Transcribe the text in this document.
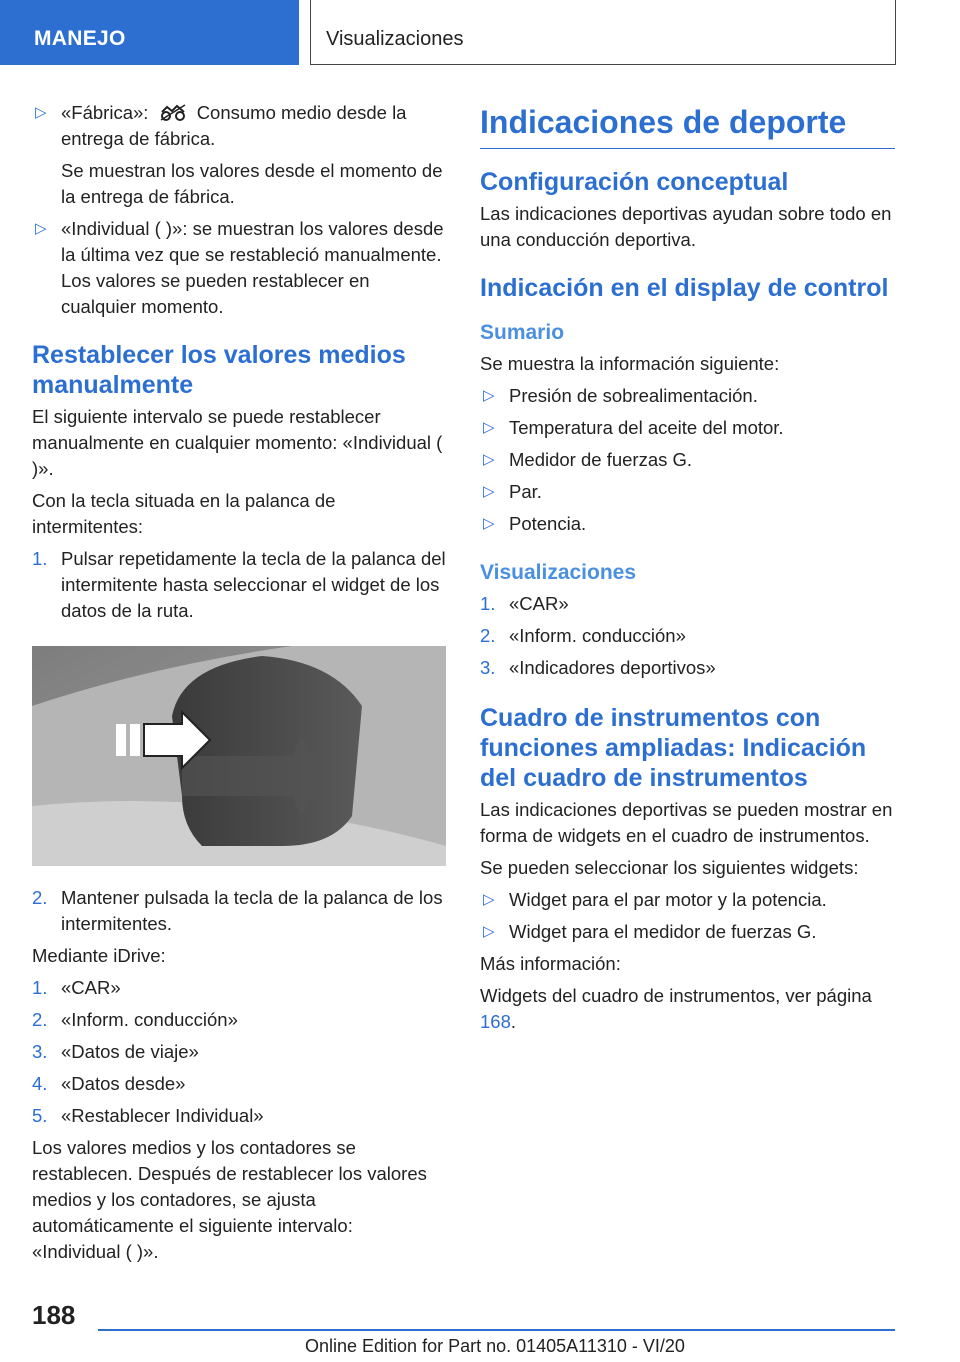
MANEJO	Visualizaciones
▷ «Fábrica»:	Consumo medio desde la entrega de fábrica.

Se muestran los valores desde el momento de la entrega de fábrica.

▷ «Individual ( )»: se muestran los valores desde la última vez que se restableció manualmente. Los valores se pueden restablecer en cualquier momento.
Restablecer los valores medios manualmente

El siguiente intervalo se puede restablecer manualmente en cualquier momento: «Individual ( )».

Con la tecla situada en la palanca de intermitentes:

1. Pulsar repetidamente la tecla de la palanca del intermitente hasta seleccionar el widget de los datos de la ruta.
2. Mantener pulsada la tecla de la palanca de los intermitentes.

Mediante iDrive:

1. «CAR»
2. «Inform. conducción»
3. «Datos de viaje»
4. «Datos desde»
5. «Restablecer Individual»

Los valores medios y los contadores se restablecen. Después de restablecer los valores medios y los contadores, se ajusta automáticamente el siguiente intervalo: «Individual ( )».

Indicaciones de deporte
Configuración conceptual

Las indicaciones deportivas ayudan sobre todo en una conducción deportiva.

Indicación en el display de control
Sumario

Se muestra la información siguiente:

▷ Presión de sobrealimentación.
▷ Temperatura del aceite del motor.
▷ Medidor de fuerzas G.
▷ Par.
▷ Potencia.
Visualizaciones
1. «CAR»
2. «Inform. conducción»
3. «Indicadores deportivos»
Cuadro de instrumentos con funciones ampliadas: Indicación del cuadro de instrumentos

Las indicaciones deportivas se pueden mostrar en forma de widgets en el cuadro de instrumentos.

Se pueden seleccionar los siguientes widgets:

▷ Widget para el par motor y la potencia.
▷ Widget para el medidor de fuerzas G.

Más información:

Widgets del cuadro de instrumentos, ver página 168.

188
Online Edition for Part no. 01405A11310 - VI/20
